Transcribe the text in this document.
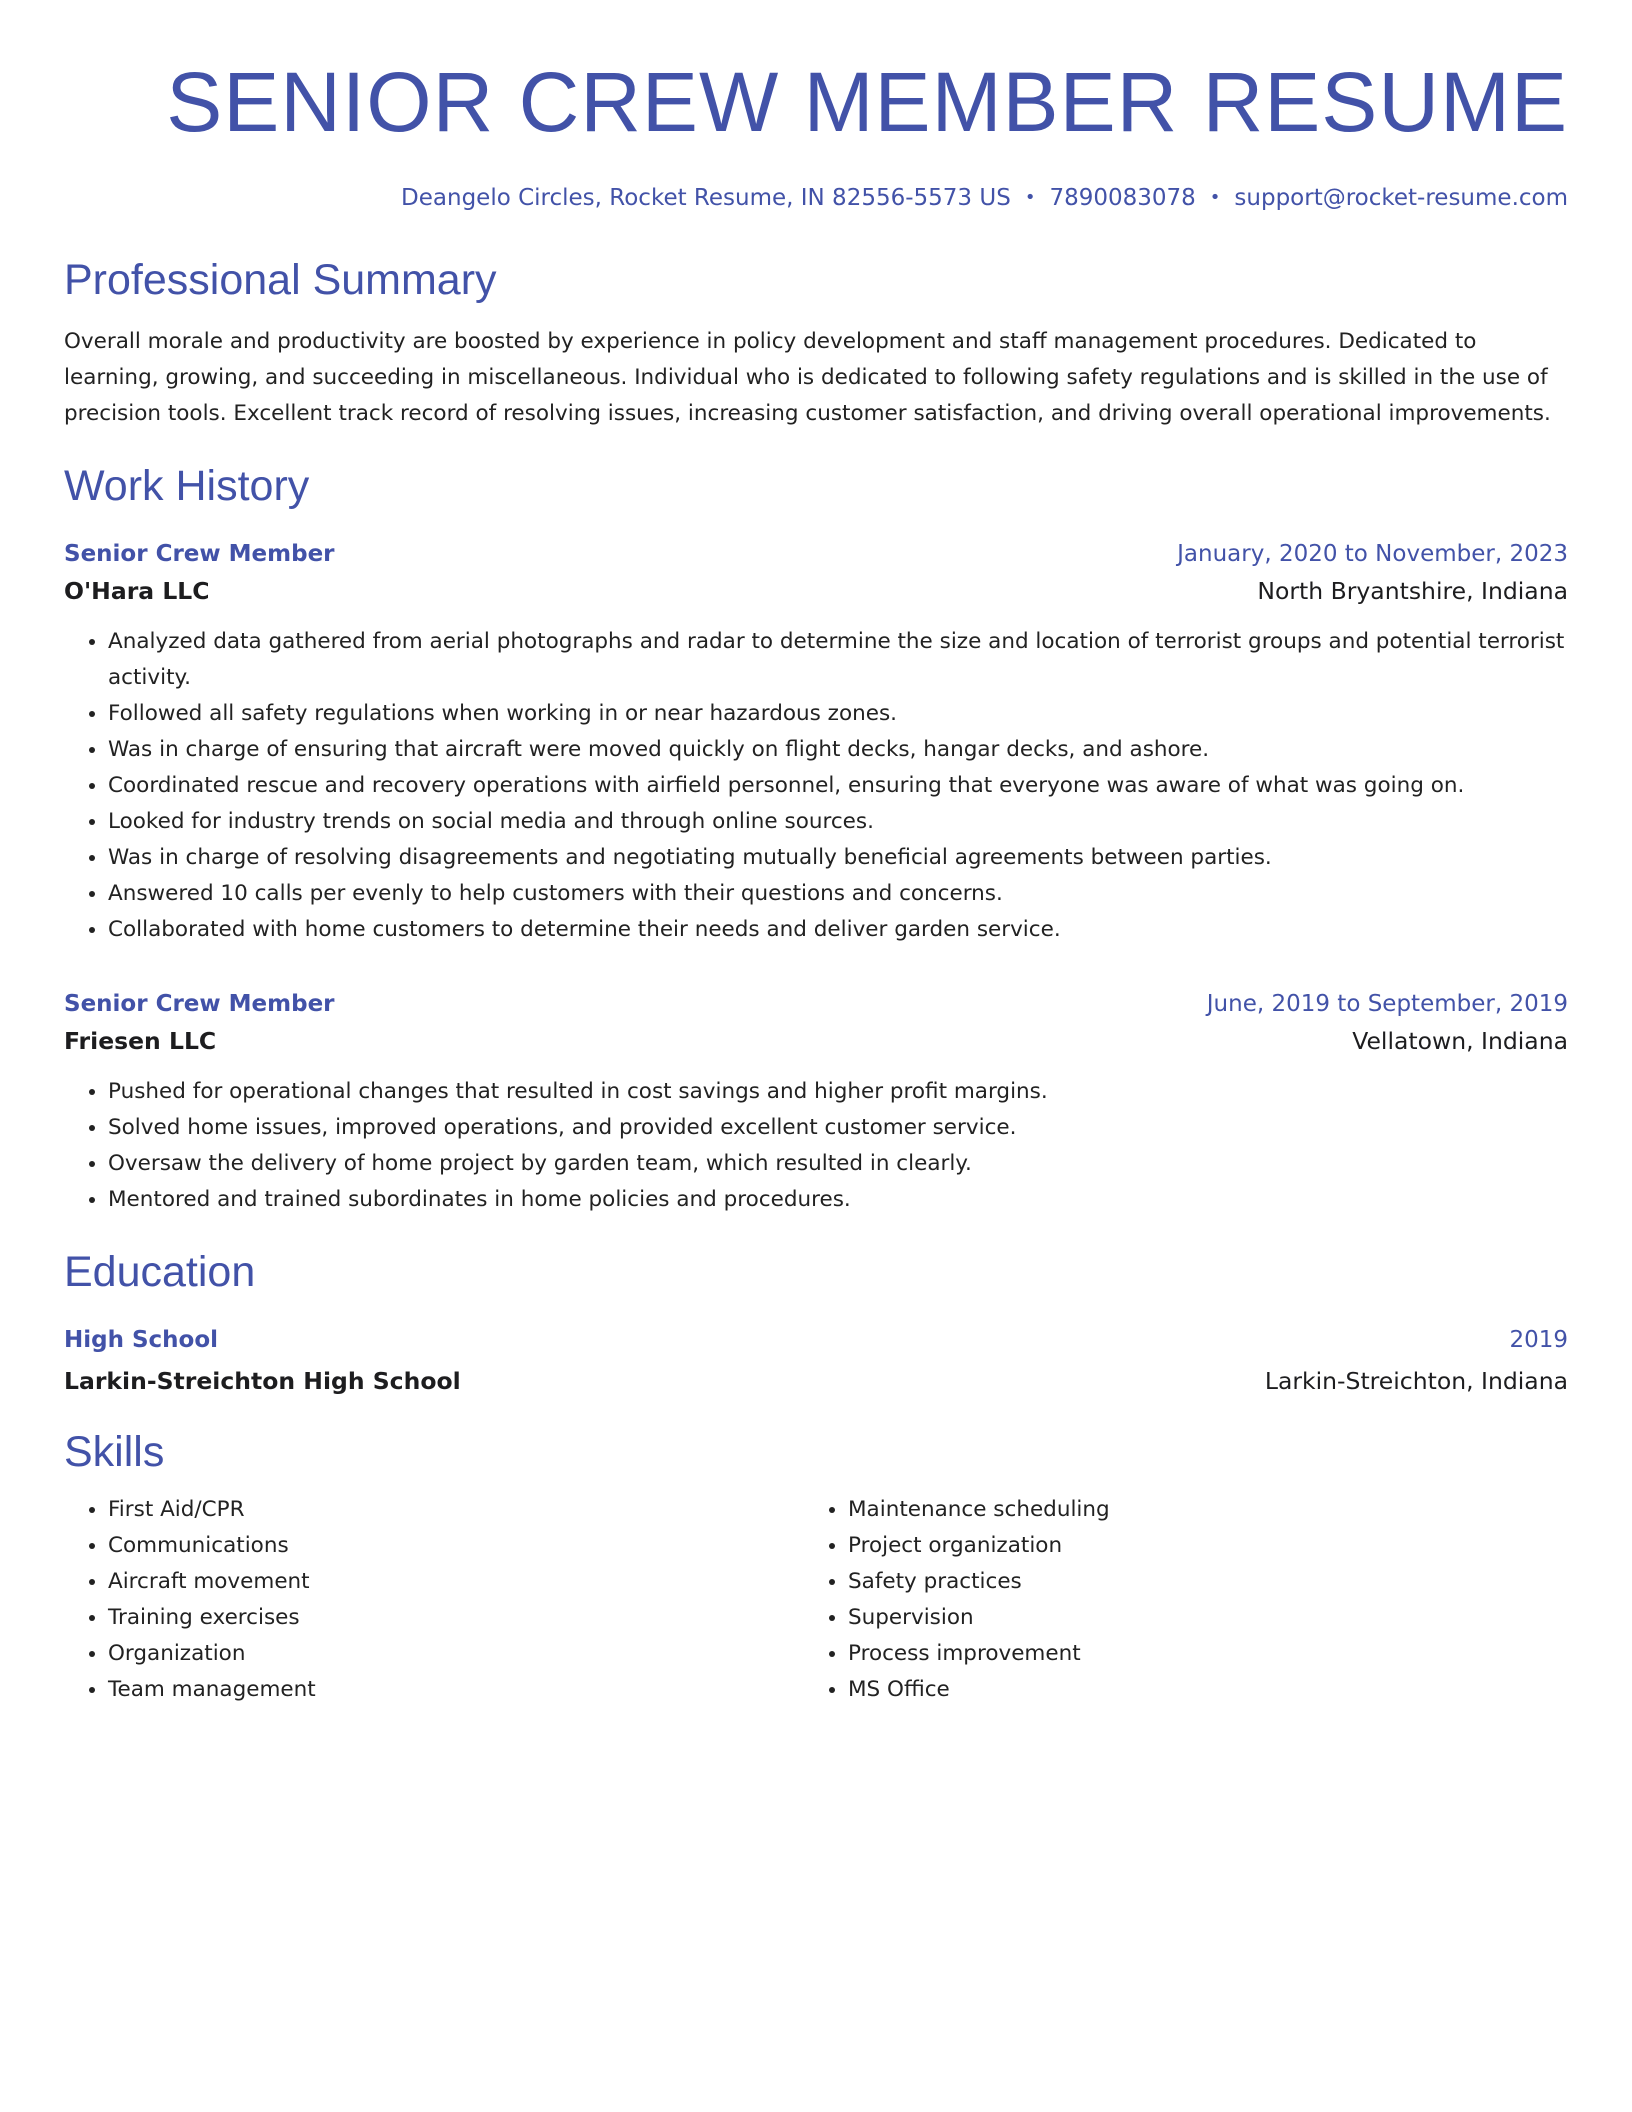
SENIOR CREW MEMBER RESUME
Deangelo Circles, Rocket Resume, IN 82556-5573 US • 7890083078 • support@rocket-resume.com
Professional Summary

Overall morale and productivity are boosted by experience in policy development and staff management procedures. Dedicated to learning, growing, and succeeding in miscellaneous. Individual who is dedicated to following safety regulations and is skilled in the use of precision tools. Excellent track record of resolving issues, increasing customer satisfaction, and driving overall operational improvements.

Work History
Senior Crew Member	January, 2020 to November, 2023
O'Hara LLC	North Bryantshire, Indiana
• Analyzed data gathered from aerial photographs and radar to determine the size and location of terrorist groups and potential terrorist activity.
• Followed all safety regulations when working in or near hazardous zones.
• Was in charge of ensuring that aircraft were moved quickly on flight decks, hangar decks, and ashore.
• Coordinated rescue and recovery operations with airfield personnel, ensuring that everyone was aware of what was going on.
• Looked for industry trends on social media and through online sources.
• Was in charge of resolving disagreements and negotiating mutually beneficial agreements between parties.
• Answered 10 calls per evenly to help customers with their questions and concerns.
• Collaborated with home customers to determine their needs and deliver garden service.
Senior Crew Member	June, 2019 to September, 2019
Friesen LLC	Vellatown, Indiana
• Pushed for operational changes that resulted in cost savings and higher profit margins.
• Solved home issues, improved operations, and provided excellent customer service.
• Oversaw the delivery of home project by garden team, which resulted in clearly.
• Mentored and trained subordinates in home policies and procedures.
Education
High School	2019
Larkin-Streichton High School	Larkin-Streichton, Indiana
Skills
• First Aid/CPR
• Communications
• Aircraft movement
• Training exercises
• Organization
• Team management
• Maintenance scheduling
• Project organization
• Safety practices
• Supervision
• Process improvement
• MS Office
